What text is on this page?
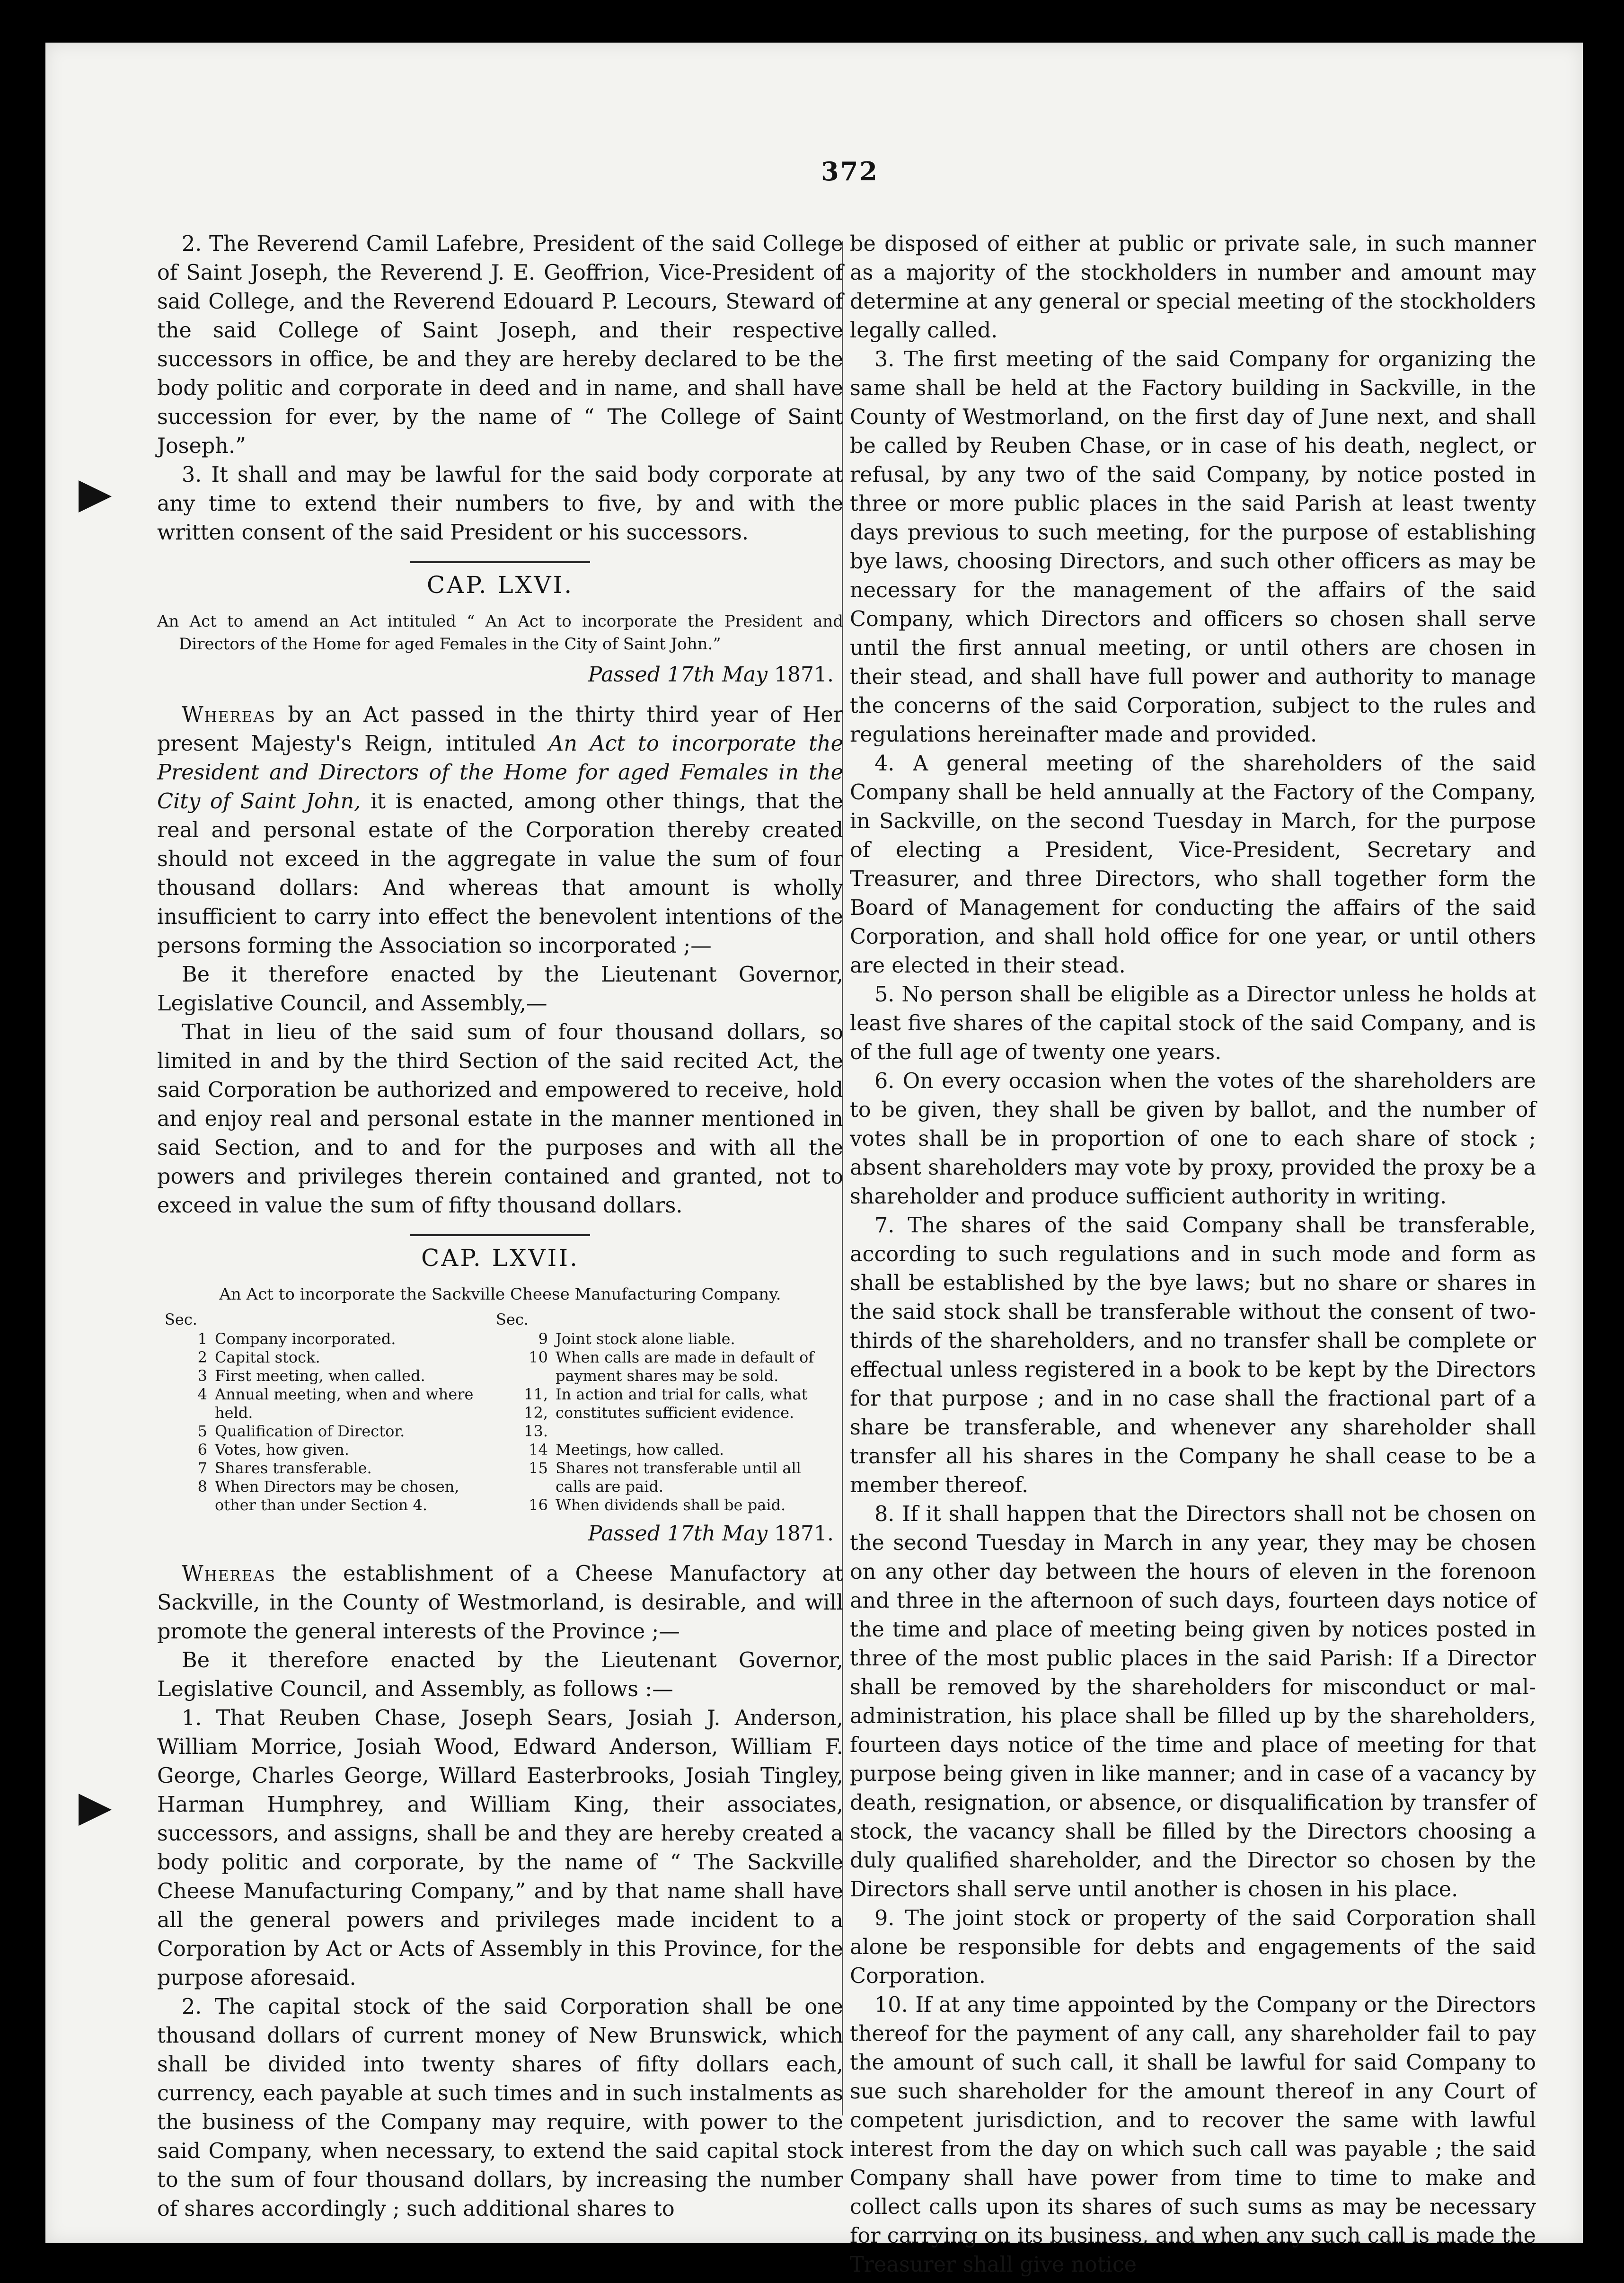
372

2. The Reverend Camil Lafebre, President of the said College of Saint Joseph, the Reverend J. E. Geoffrion, Vice-President of said College, and the Reverend Edouard P. Lecours, Steward of the said College of Saint Joseph, and their respective successors in office, be and they are hereby declared to be the body politic and corporate in deed and in name, and shall have succession for ever, by the name of “ The College of Saint Joseph.”

3. It shall and may be lawful for the said body corporate at any time to extend their numbers to five, by and with the written consent of the said President or his successors.

CAP. LXVI.
An Act to amend an Act intituled “ An Act to incorporate the President and Directors of the Home for aged Females in the City of Saint John.”
Passed 17th May 1871.

Whereas by an Act passed in the thirty third year of Her present Majesty's Reign, intituled An Act to incorporate the President and Directors of the Home for aged Females in the City of Saint John, it is enacted, among other things, that the real and personal estate of the Corporation thereby created should not exceed in the aggregate in value the sum of four thousand dollars: And whereas that amount is wholly insufficient to carry into effect the benevolent intentions of the persons forming the Association so incorporated ;—

Be it therefore enacted by the Lieutenant Governor, Legislative Council, and Assembly,—

That in lieu of the said sum of four thousand dollars, so limited in and by the third Section of the said recited Act, the said Corporation be authorized and empowered to receive, hold and enjoy real and personal estate in the manner mentioned in said Section, and to and for the purposes and with all the powers and privileges therein contained and granted, not to exceed in value the sum of fifty thousand dollars.

CAP. LXVII.
An Act to incorporate the Sackville Cheese Manufacturing Company.
Sec.
1 Company incorporated.
2 Capital stock.
3 First meeting, when called.
4 Annual meeting, when and where held.
5 Qualification of Director.
6 Votes, how given.
7 Shares transferable.
8 When Directors may be chosen, other than under Section 4.
Sec.
9 Joint stock alone liable.
10 When calls are made in default of payment shares may be sold.
11, 12, 13.
In action and trial for calls, what constitutes sufficient evidence.
14 Meetings, how called.
15 Shares not transferable until all calls are paid.
16 When dividends shall be paid.
Passed 17th May 1871.

Whereas the establishment of a Cheese Manufactory at Sackville, in the County of Westmorland, is desirable, and will promote the general interests of the Province ;—

Be it therefore enacted by the Lieutenant Governor, Legislative Council, and Assembly, as follows :—

1. That Reuben Chase, Joseph Sears, Josiah J. Anderson, William Morrice, Josiah Wood, Edward Anderson, William F. George, Charles George, Willard Easterbrooks, Josiah Tingley, Harman Humphrey, and William King, their associates, successors, and assigns, shall be and they are hereby created a body politic and corporate, by the name of “ The Sackville Cheese Manufacturing Company,” and by that name shall have all the general powers and privileges made incident to a Corporation by Act or Acts of Assembly in this Province, for the purpose aforesaid.

2. The capital stock of the said Corporation shall be one thousand dollars of current money of New Brunswick, which shall be divided into twenty shares of fifty dollars each, currency, each payable at such times and in such instalments as the business of the Company may require, with power to the said Company, when necessary, to extend the said capital stock to the sum of four thousand dollars, by increasing the number of shares accordingly ; such additional shares to

be disposed of either at public or private sale, in such manner as a majority of the stockholders in number and amount may determine at any general or special meeting of the stockholders legally called.

3. The first meeting of the said Company for organizing the same shall be held at the Factory building in Sackville, in the County of Westmorland, on the first day of June next, and shall be called by Reuben Chase, or in case of his death, neglect, or refusal, by any two of the said Company, by notice posted in three or more public places in the said Parish at least twenty days previous to such meeting, for the purpose of establishing bye laws, choosing Directors, and such other officers as may be necessary for the management of the affairs of the said Company, which Directors and officers so chosen shall serve until the first annual meeting, or until others are chosen in their stead, and shall have full power and authority to manage the concerns of the said Corporation, subject to the rules and regulations hereinafter made and provided.

4. A general meeting of the shareholders of the said Company shall be held annually at the Factory of the Company, in Sackville, on the second Tuesday in March, for the purpose of electing a President, Vice-President, Secretary and Treasurer, and three Directors, who shall together form the Board of Management for conducting the affairs of the said Corporation, and shall hold office for one year, or until others are elected in their stead.

5. No person shall be eligible as a Director unless he holds at least five shares of the capital stock of the said Company, and is of the full age of twenty one years.

6. On every occasion when the votes of the shareholders are to be given, they shall be given by ballot, and the number of votes shall be in proportion of one to each share of stock ; absent shareholders may vote by proxy, provided the proxy be a shareholder and produce sufficient authority in writing.

7. The shares of the said Company shall be transferable, according to such regulations and in such mode and form as shall be established by the bye laws; but no share or shares in the said stock shall be transferable without the consent of two-thirds of the shareholders, and no transfer shall be complete or effectual unless registered in a book to be kept by the Directors for that purpose ; and in no case shall the fractional part of a share be transferable, and whenever any shareholder shall transfer all his shares in the Company he shall cease to be a member thereof.

8. If it shall happen that the Directors shall not be chosen on the second Tuesday in March in any year, they may be chosen on any other day between the hours of eleven in the forenoon and three in the afternoon of such days, fourteen days notice of the time and place of meeting being given by notices posted in three of the most public places in the said Parish: If a Director shall be removed by the shareholders for misconduct or mal-administration, his place shall be filled up by the shareholders, fourteen days notice of the time and place of meeting for that purpose being given in like manner; and in case of a vacancy by death, resignation, or absence, or disqualification by transfer of stock, the vacancy shall be filled by the Directors choosing a duly qualified shareholder, and the Director so chosen by the Directors shall serve until another is chosen in his place.

9. The joint stock or property of the said Corporation shall alone be responsible for debts and engagements of the said Corporation.

10. If at any time appointed by the Company or the Directors thereof for the payment of any call, any shareholder fail to pay the amount of such call, it shall be lawful for said Company to sue such shareholder for the amount thereof in any Court of competent jurisdiction, and to recover the same with lawful interest from the day on which such call was payable ; the said Company shall have power from time to time to make and collect calls upon its shares of such sums as may be necessary for carrying on its business, and when any such call is made the Treasurer shall give notice
